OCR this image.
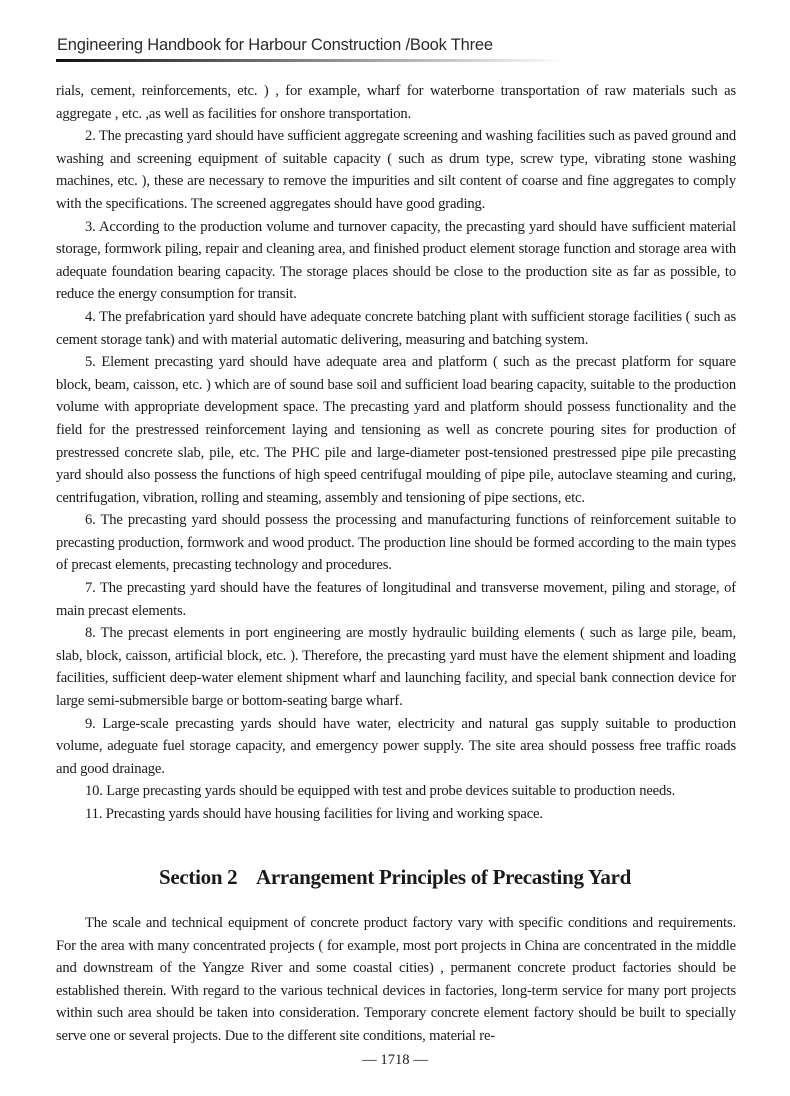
Engineering Handbook for Harbour Construction /Book Three

rials, cement, reinforcements, etc. ) , for example, wharf for waterborne transportation of raw materials such as aggregate , etc. ,as well as facilities for onshore transportation.

2. The precasting yard should have sufficient aggregate screening and washing facilities such as paved ground and washing and screening equipment of suitable capacity ( such as drum type, screw type, vibrating stone washing machines, etc. ), these are necessary to remove the impurities and silt content of coarse and fine aggregates to comply with the specifications. The screened aggregates should have good grading.

3. According to the production volume and turnover capacity, the precasting yard should have sufficient material storage, formwork piling, repair and cleaning area, and finished product element storage function and storage area with adequate foundation bearing capacity. The storage places should be close to the production site as far as possible, to reduce the energy consumption for transit.

4. The prefabrication yard should have adequate concrete batching plant with sufficient storage facilities ( such as cement storage tank) and with material automatic delivering, measuring and batching system.

5. Element precasting yard should have adequate area and platform ( such as the precast platform for square block, beam, caisson, etc. ) which are of sound base soil and sufficient load bearing capacity, suitable to the production volume with appropriate development space. The precasting yard and platform should possess functionality and the field for the prestressed reinforcement laying and tensioning as well as concrete pouring sites for production of prestressed concrete slab, pile, etc. The PHC pile and large-diameter post-tensioned prestressed pipe pile precasting yard should also possess the functions of high speed centrifugal moulding of pipe pile, autoclave steaming and curing, centrifugation, vibration, rolling and steaming, assembly and tensioning of pipe sections, etc.

6. The precasting yard should possess the processing and manufacturing functions of reinforcement suitable to precasting production, formwork and wood product. The production line should be formed according to the main types of precast elements, precasting technology and procedures.

7. The precasting yard should have the features of longitudinal and transverse movement, piling and storage, of main precast elements.

8. The precast elements in port engineering are mostly hydraulic building elements ( such as large pile, beam, slab, block, caisson, artificial block, etc. ). Therefore, the precasting yard must have the element shipment and loading facilities, sufficient deep-water element shipment wharf and launching facility, and special bank connection device for large semi-submersible barge or bottom-seating barge wharf.

9. Large-scale precasting yards should have water, electricity and natural gas supply suitable to production volume, adeguate fuel storage capacity, and emergency power supply. The site area should possess free traffic roads and good drainage.

10. Large precasting yards should be equipped with test and probe devices suitable to production needs.

11. Precasting yards should have housing facilities for living and working space.

Section 2    Arrangement Principles of Precasting Yard

The scale and technical equipment of concrete product factory vary with specific conditions and requirements. For the area with many concentrated projects ( for example, most port projects in China are concentrated in the middle and downstream of the Yangze River and some coastal cities) , permanent concrete product factories should be established therein. With regard to the various technical devices in factories, long-term service for many port projects within such area should be taken into consideration. Temporary concrete element factory should be built to specially serve one or several projects. Due to the different site conditions, material re-

— 1718 —
